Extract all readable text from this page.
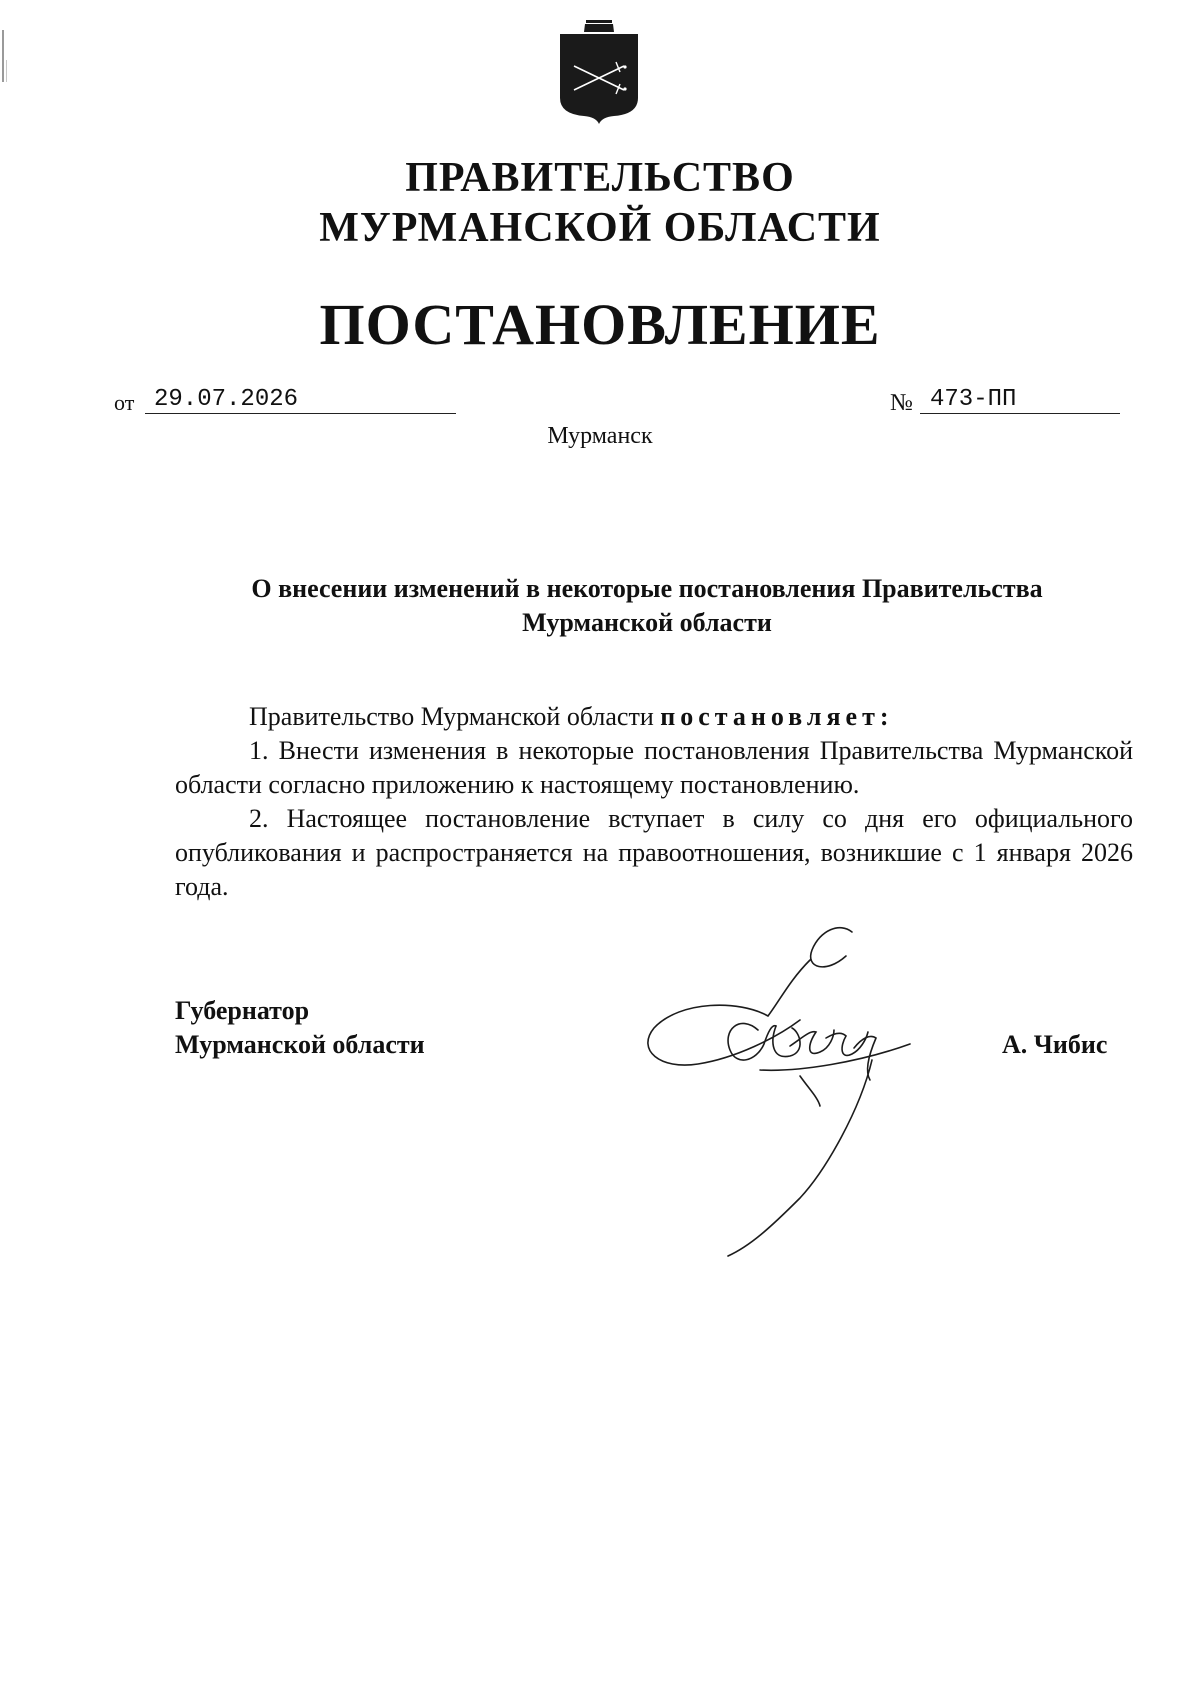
ПРАВИТЕЛЬСТВО
МУРМАНСКОЙ ОБЛАСТИ
ПОСТАНОВЛЕНИЕ
от 29.07.2026	№ 473-ПП
Мурманск
О внесении изменений в некоторые постановления Правительства Мурманской области

Правительство Мурманской области постановляет:

1. Внести изменения в некоторые постановления Правительства Мурманской области согласно приложению к настоящему постановлению.

2. Настоящее постановление вступает в силу со дня его официального опубликования и распространяется на правоотношения, возникшие с 1 января 2026 года.

Губернатор
Мурманской области	А. Чибис
